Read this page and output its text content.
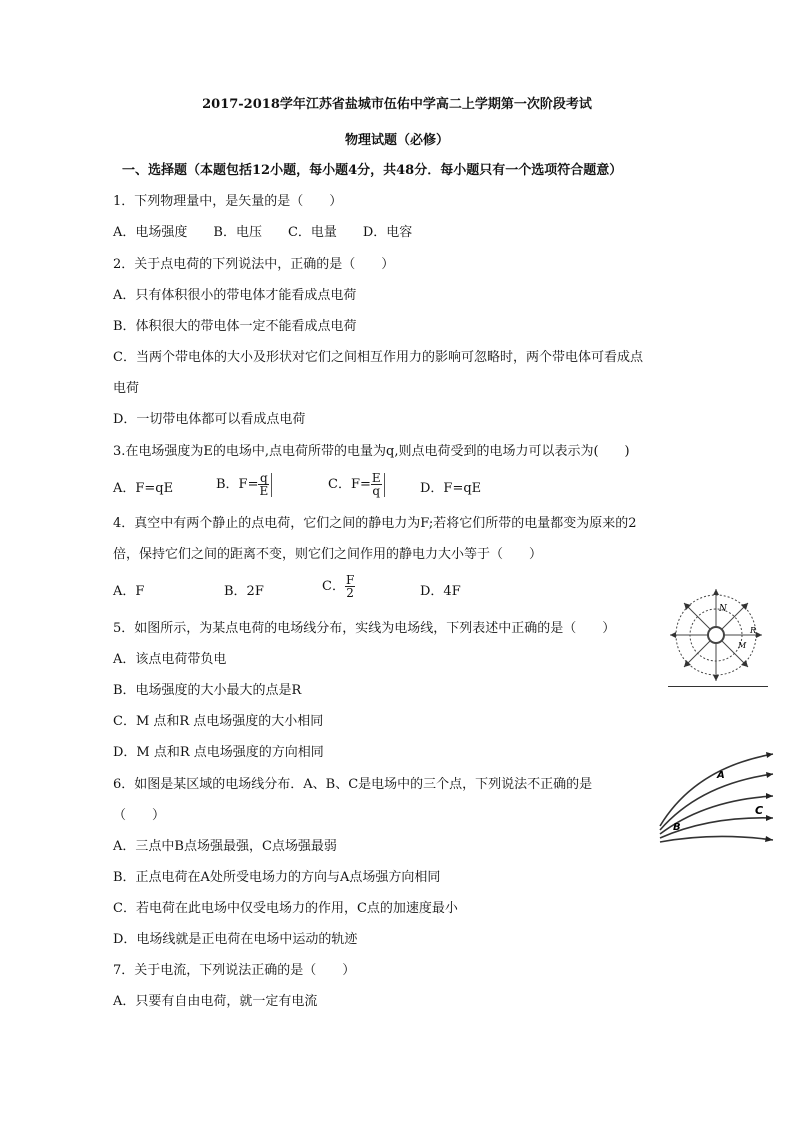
2017-2018学年江苏省盐城市伍佑中学高二上学期第一次阶段考试
物理试题（必修）
一、选择题（本题包括12小题，每小题4分，共48分．每小题只有一个选项符合题意）
1．下列物理量中，是矢量的是（　　）
A．电场强度　　B．电压　　C．电量　　D．电容
2．关于点电荷的下列说法中，正确的是（　　）
A．只有体积很小的带电体才能看成点电荷
B．体积很大的带电体一定不能看成点电荷
C．当两个带电体的大小及形状对它们之间相互作用力的影响可忽略时，两个带电体可看成点
电荷
D．一切带电体都可以看成点电荷
3.在电场强度为E的电场中,点电荷所带的电量为q,则点电荷受到的电场力可以表示为(　　)
A．F=qE	B．$F= \frac{q}{E}$	C．$F= \frac{E}{q}$	D．F=qE
4．真空中有两个静止的点电荷，它们之间的静电力为F;若将它们所带的电量都变为原来的2
倍，保持它们之间的距离不变，则它们之间作用的静电力大小等于（　　）
A．F	B．2F	C． $\frac{F}{2}$	D．4F
5．如图所示，为某点电荷的电场线分布，实线为电场线，下列表述中正确的是（　　）
A．该点电荷带负电
B．电场强度的大小最大的点是R
C．M 点和R 点电场强度的大小相同
D．M 点和R 点电场强度的方向相同
N
R
M
6．如图是某区域的电场线分布．A、B、C是电场中的三个点，下列说法不正确的是
（　　）
A．三点中B点场强最强，C点场强最弱
B．正点电荷在A处所受电场力的方向与A点场强方向相同
C．若电荷在此电场中仅受电场力的作用，C点的加速度最小
D．电场线就是正电荷在电场中运动的轨迹
A
C
B
7．关于电流，下列说法正确的是（　　）
A．只要有自由电荷，就一定有电流
